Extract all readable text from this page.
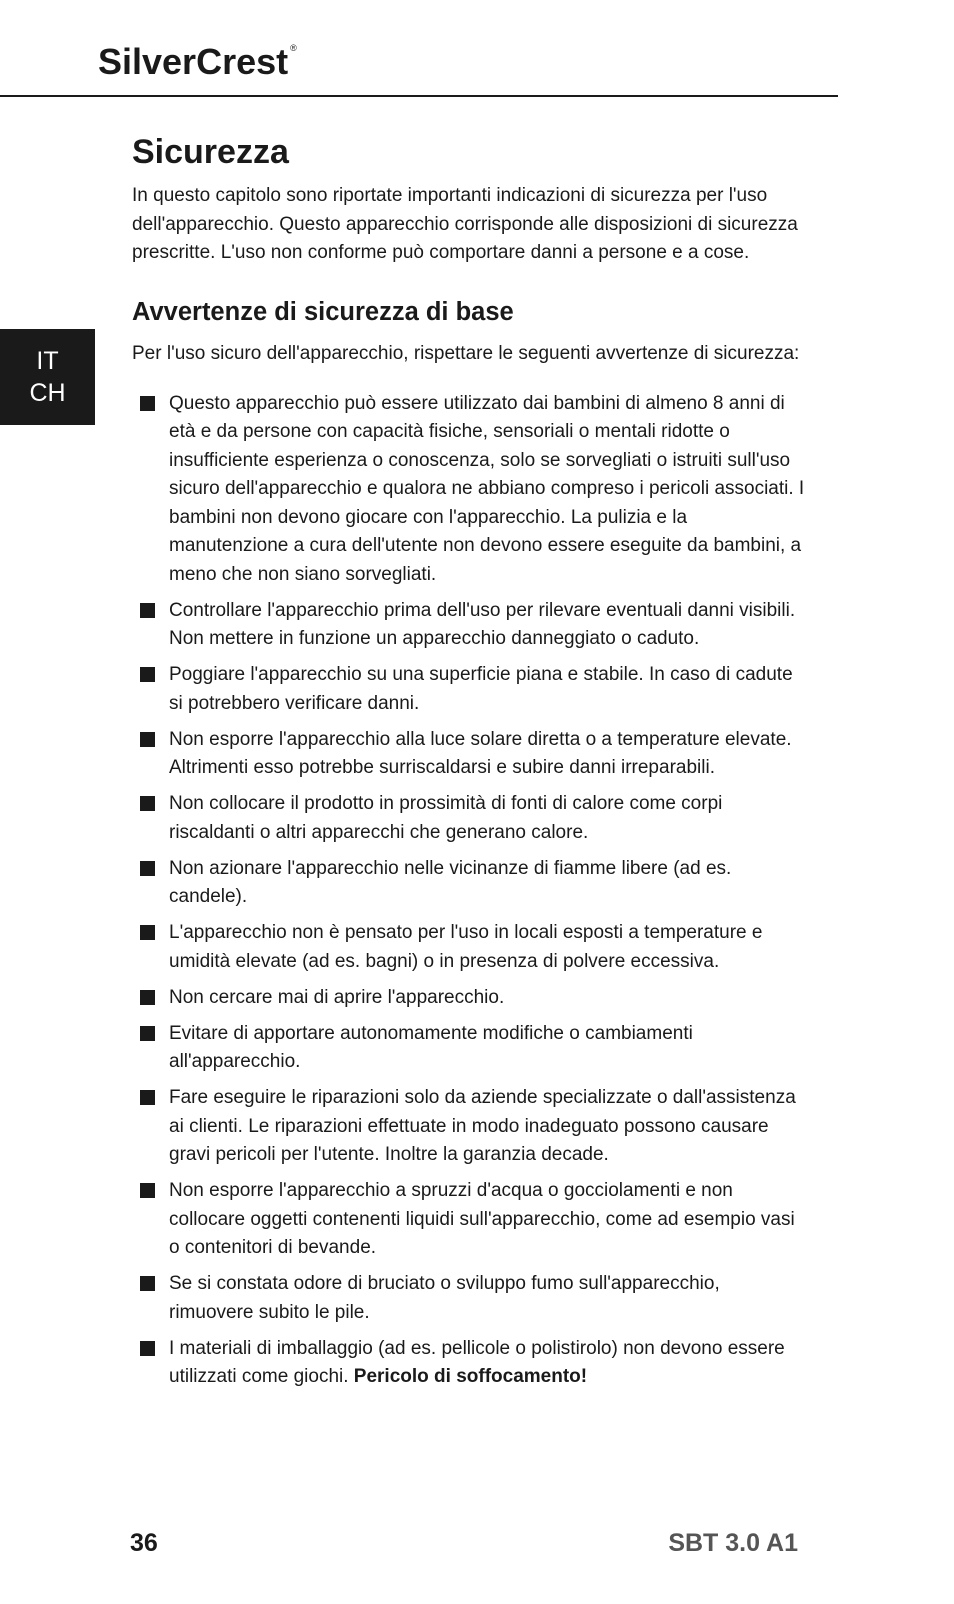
SilverCrest ®
IT
CH
Sicurezza

In questo capitolo sono riportate importanti indicazioni di sicurezza per l'uso dell'apparecchio. Questo apparecchio corrisponde alle disposizioni di sicurezza prescritte. L'uso non conforme può comportare danni a persone e a cose.

Avvertenze di sicurezza di base

Per l'uso sicuro dell'apparecchio, rispettare le seguenti avvertenze di sicurezza:

Questo apparecchio può essere utilizzato dai bambini di almeno 8 anni di età e da persone con capacità fisiche, sensoriali o mentali ridotte o insufficiente esperienza o conoscenza, solo se sorvegliati o istruiti sull'uso sicuro dell'apparecchio e qualora ne abbiano compreso i pericoli associati. I bambini non devono giocare con l'apparecchio. La pulizia e la manutenzione a cura dell'utente non devono essere eseguite da bambini, a meno che non siano sorvegliati.
Controllare l'apparecchio prima dell'uso per rilevare eventuali danni visibili. Non mettere in funzione un apparecchio danneggiato o caduto.
Poggiare l'apparecchio su una superficie piana e stabile. In caso di cadute si potrebbero verificare danni.
Non esporre l'apparecchio alla luce solare diretta o a temperature elevate. Altrimenti esso potrebbe surriscaldarsi e subire danni irreparabili.
Non collocare il prodotto in prossimità di fonti di calore come corpi riscaldanti o altri apparecchi che generano calore.
Non azionare l'apparecchio nelle vicinanze di fiamme libere (ad es. candele).
L'apparecchio non è pensato per l'uso in locali esposti a temperature e umidità elevate (ad es. bagni) o in presenza di polvere eccessiva.
Non cercare mai di aprire l'apparecchio.
Evitare di apportare autonomamente modifiche o cambiamenti all'apparecchio.
Fare eseguire le riparazioni solo da aziende specializzate o dall'assistenza ai clienti. Le riparazioni effettuate in modo inadeguato possono causare gravi pericoli per l'utente. Inoltre la garanzia decade.
Non esporre l'apparecchio a spruzzi d'acqua o gocciolamenti e non collocare oggetti contenenti liquidi sull'apparecchio, come ad esempio vasi o contenitori di bevande.
Se si constata odore di bruciato o sviluppo fumo sull'apparecchio, rimuovere subito le pile.
I materiali di imballaggio (ad es. pellicole o polistirolo) non devono essere utilizzati come giochi. Pericolo di soffocamento!
36	SBT 3.0 A1
